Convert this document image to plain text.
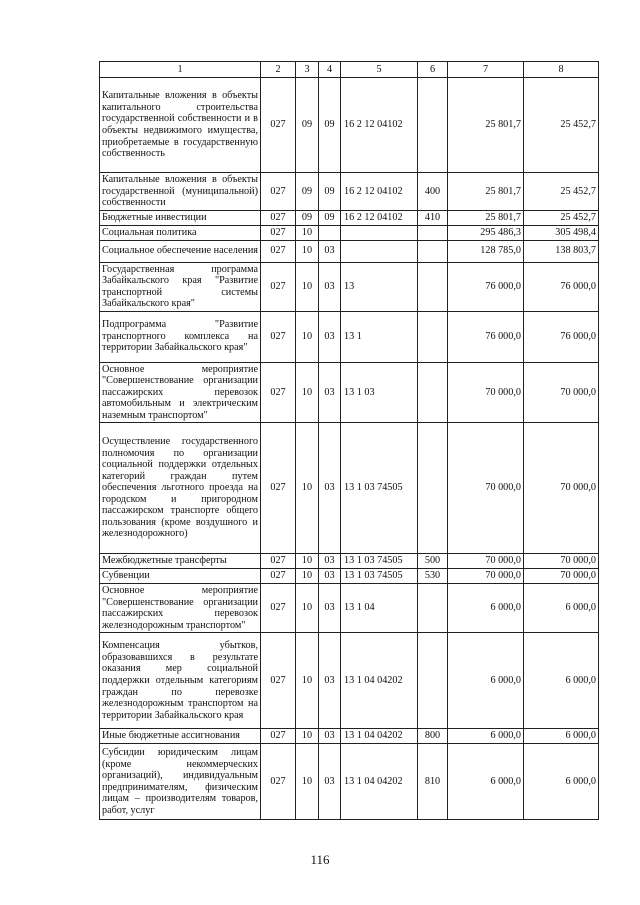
1	2	3	4	5	6	7	8
Капитальные вложения в объекты капитального строительства государственной собственности и в объекты недвижимого имущества, приобретаемые в государственную собственность	027	09	09	16 2 12 04102		25 801,7	25 452,7
Капитальные вложения в объекты государственной (муниципальной) собственности	027	09	09	16 2 12 04102	400	25 801,7	25 452,7
Бюджетные инвестиции	027	09	09	16 2 12 04102	410	25 801,7	25 452,7
Социальная политика	027	10				295 486,3	305 498,4
Социальное обеспечение населения	027	10	03			128 785,0	138 803,7
Государственная программа Забайкальского края "Развитие транспортной системы Забайкальского края"	027	10	03	13		76 000,0	76 000,0
Подпрограмма "Развитие транспортного комплекса на территории Забайкальского края"	027	10	03	13 1		76 000,0	76 000,0
Основное мероприятие "Совершенствование организации пассажирских перевозок автомобильным и электрическим наземным транспортом"	027	10	03	13 1 03		70 000,0	70 000,0
Осуществление государственного полномочия по организации социальной поддержки отдельных категорий граждан путем обеспечения льготного проезда на городском и пригородном пассажирском транспорте общего пользования (кроме воздушного и железнодорожного)	027	10	03	13 1 03 74505		70 000,0	70 000,0
Межбюджетные трансферты	027	10	03	13 1 03 74505	500	70 000,0	70 000,0
Субвенции	027	10	03	13 1 03 74505	530	70 000,0	70 000,0
Основное мероприятие "Совершенствование организации пассажирских перевозок железнодорожным транспортом"	027	10	03	13 1 04		6 000,0	6 000,0
Компенсация убытков, образовавшихся в результате оказания мер социальной поддержки отдельным категориям граждан по перевозке железнодорожным транспортом на территории Забайкальского края	027	10	03	13 1 04 04202		6 000,0	6 000,0
Иные бюджетные ассигнования	027	10	03	13 1 04 04202	800	6 000,0	6 000,0
Субсидии юридическим лицам (кроме некоммерческих организаций), индивидуальным предпринимателям, физическим лицам – производителям товаров, работ, услуг	027	10	03	13 1 04 04202	810	6 000,0	6 000,0
116
